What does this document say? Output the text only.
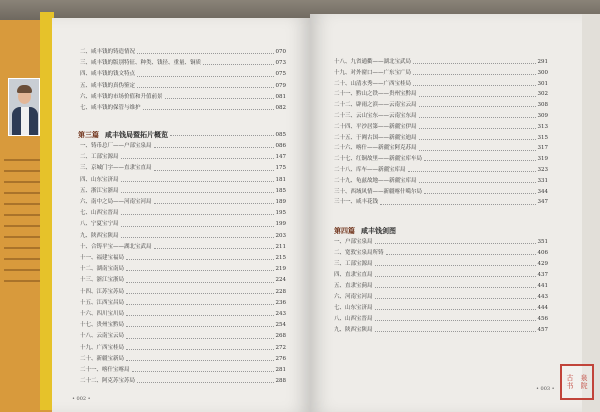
二、咸丰钱的铸造情况	070
三、咸丰钱的版别特征、种类、钱径、重量、铜质	073
四、咸丰钱的钱文特点	075
五、咸丰钱的真伪鉴定	079
六、咸丰钱的市场价值和升值前景	081
七、咸丰钱的保管与维护	082
第三篇 咸丰钱局暨拓片概览	085
一、铸币总厂——户部宝泉局	086
二、工部宝源局	147
三、京城门字——直隶宝直局	175
四、山东宝济局	181
五、浙江宝浙局	185
六、南中之局——河南宝河局	189
七、山西宝晋局	195
八、宁夏宝宁局	199
九、陕西宝陕局	203
十、合铸平宝——湖北宝武局	211
十一、福建宝福局	215
十二、湖南宝南局	219
十三、浙江宝浙局	224
十四、江苏宝苏局	228
十五、江西宝昌局	236
十六、四川宝川局	243
十七、贵州宝黔局	254
十八、云南宝云局	268
十九、广西宝桂局	272
二十、新疆宝新局	276
二十一、喀什宝喀局	281
二十二、阿克苏宝苏局	288
• 002 •
十八、九省通衢——湖北宝武局	291
十九、对外窗口——广东宝广局	300
二十、山清水秀——广西宝桂局	301
二十一、黔山之铁——贵州宝黔局	302
二十二、辟雨之滨——云南宝云局	308
二十三、云山宝东——云南宝东局	309
二十四、平沙居第——新疆宝伊局	313
二十五、于阗古国——新疆宝迪局	315
二十六、喀什——新疆宝阿克苏局	317
二十七、红铜故里——新疆宝库车局	319
二十八、库车——新疆宝库局	323
二十九、龟兹故地——新疆宝库局	331
三十、西域风情——新疆喀什噶尔局	344
三十一、咸丰花钱	347
第四篇 咸丰钱剑图
一、户部宝泉局	351
二、宽敦宝泉局所铸	406
三、工部宝源局	429
四、直隶宝直局	437
五、直隶宝蓟局	441
六、河南宝河局	443
七、山东宝济局	444
八、山西宝晋局	456
九、陕西宝陕局	457
• 003 •
古	泉
书	院
